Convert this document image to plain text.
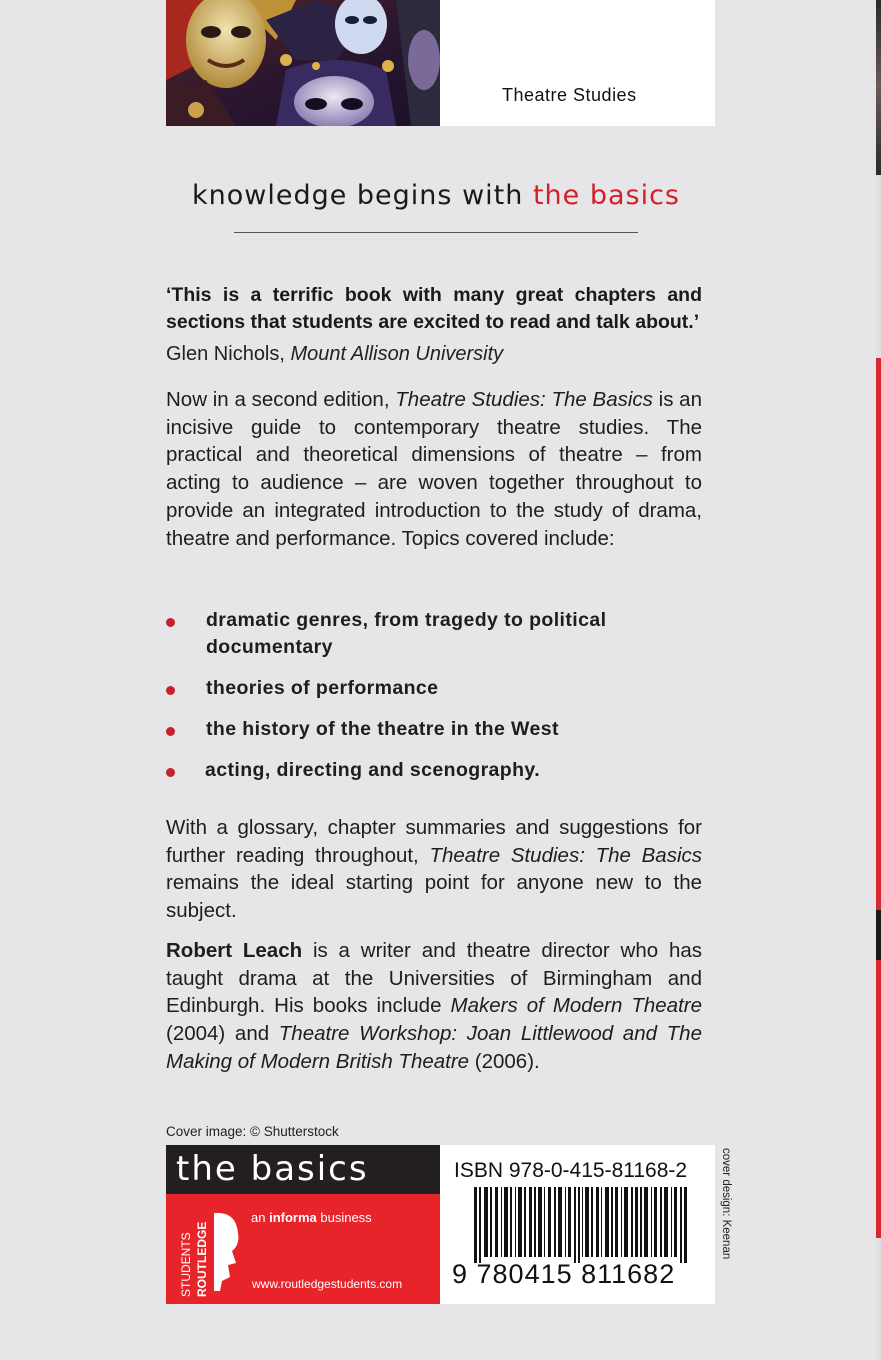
Theatre Studies
knowledge begins with the basics
‘This is a terrific book with many great chapters and sections that students are excited to read and talk about.’
Glen Nichols, Mount Allison University
Now in a second edition, Theatre Studies: The Basics is an incisive guide to contemporary theatre studies. The practical and theoretical dimensions of theatre – from acting to audience – are woven together throughout to provide an integrated introduction to the study of drama, theatre and performance. Topics covered include:
dramatic genres, from tragedy to political documentary
theories of performance
the history of the theatre in the West
acting, directing and scenography.
With a glossary, chapter summaries and suggestions for further reading throughout, Theatre Studies: The Basics remains the ideal starting point for anyone new to the subject.
Robert Leach is a writer and theatre director who has taught drama at the Universities of Birmingham and Edinburgh. His books include Makers of Modern Theatre (2004) and Theatre Workshop: Joan Littlewood and The Making of Modern British Theatre (2006).
Cover image: © Shutterstock
the basics
STUDENTS ROUTLEDGE
an informa business
www.routledgestudents.com
ISBN 978-0-415-81168-2
9 780415 811682
cover design: Keenan
